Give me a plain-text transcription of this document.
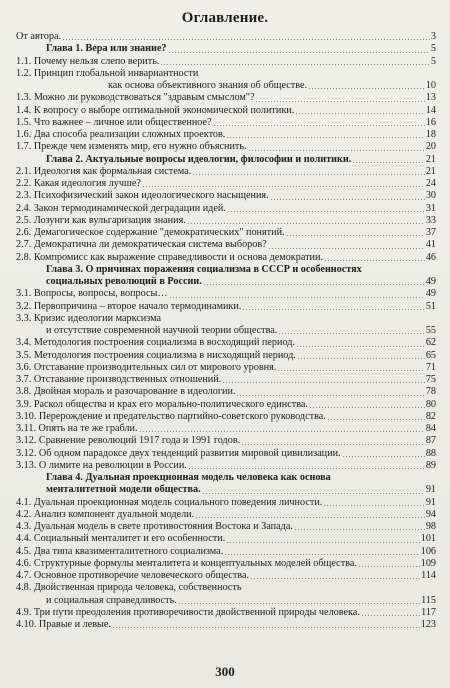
Оглавление.
От автора.	3
Глава 1. Вера или знание?	5
1.1. Почему нельзя слепо верить.	5
1.2. Принцип глобальной инвариантности
как основа объективного знания об обществе.	10
1.3. Можно ли руководствоваться "здравым смыслом"?	13
1.4. К вопросу о выборе оптимальной экономической политики.	14
1.5. Что важнее – личное или общественное?	16
1.6. Два способа реализации сложных проектов.	18
1.7. Прежде чем изменять мир, его нужно объяснить.	20
Глава 2. Актуальные вопросы идеологии, философии и политики.	21
2.1. Идеология как формальная система.	21
2.2. Какая идеология лучше?	24
2.3. Психофизический закон идеологического насыщения.	30
2.4. Закон термодинамической деградации идей.	31
2.5. Лозунги как вульгаризация знания.	33
2.6. Демагогическое содержание "демократических" понятий.	37
2.7. Демократична ли демократическая система выборов?	41
2.8. Компромисс как выражение справедливости и основа демократии.	46
Глава 3. О причинах поражения социализма в СССР и особенностях
социальных революций в России.	49
3.1. Вопросы, вопросы, вопросы…	49
3.2. Первопричина – второе начало термодинамики.	51
3.3. Кризис идеологии марксизма
и отсутствие современной научной теории общества.	55
3.4. Методология построения социализма в восходящий период.	62
3.5. Методология построения социализма в нисходящий период.	65
3.6. Отставание производительных сил от мирового уровня.	71
3.7. Отставание производственных отношений.	75
3.8. Двойная мораль и разочарование в идеологии.	78
3.9. Раскол общества и крах его морально-политического единства.	80
3.10. Перерождение и предательство партийно-советского руководства.	82
3.11. Опять на те же грабли.	84
3.12. Сравнение революций 1917 года и 1991 годов.	87
3.12. Об одном парадоксе двух тенденций развития мировой цивилизации.	88
3.13. О лимите на революции в России.	89
Глава 4. Дуальная проекционная модель человека как основа
менталитетной модели общества.	91
4.1. Дуальная проекционная модель социального поведения личности.	91
4.2. Анализ компонент дуальной модели.	94
4.3. Дуальная модель в свете противостояния Востока и Запада.	98
4.4. Социальный менталитет и его особенности.	101
4.5. Два типа квазименталитетного социализма.	106
4.6. Структурные формулы менталитета и концептуальных моделей общества.	109
4.7. Основное противоречие человеческого общества.	114
4.8. Двойственная природа человека, собственность
и социальная справедливость.	115
4.9. Три пути преодоления противоречивости двойственной природы человека.	117
4.10. Правые и левые.	123
300
